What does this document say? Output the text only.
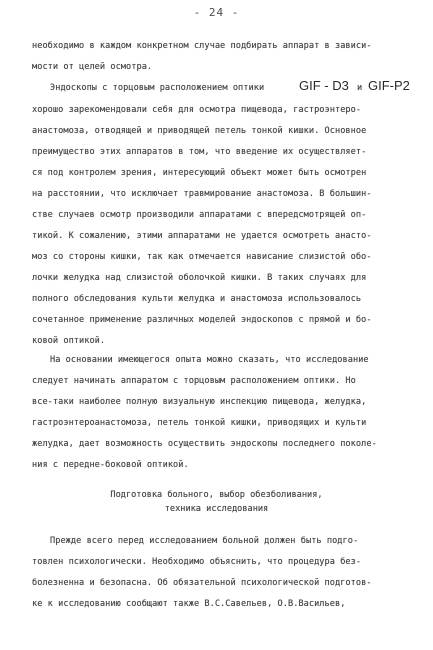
- 24 -
необходимо в каждом конкретном случае подбирать аппарат в зависи-
мости от целей осмотра.
Эндоскопы с торцовым расположением оптики	GIF - D3 и GIF-P2
хорошо зарекомендовали себя для осмотра пищевода, гастроэнтеро-
анастомоза, отводящей и приводящей петель тонкой кишки. Основное
преимущество этих аппаратов в том, что введение их осуществляет-
ся под контролем зрения, интересующий объект может быть осмотрен
на расстоянии, что исключает травмирование анастомоза. В большин-
стве случаев осмотр производили аппаратами с впередсмотрящей оп-
тикой. К сожалению, этими аппаратами не удается осмотреть анасто-
моз со стороны кишки, так как отмечается нависание слизистой обо-
лочки желудка над слизистой оболочкой кишки. В таких случаях для
полного обследования культи желудка и анастомоза использовалось
сочетанное применение различных моделей эндоскопов с прямой и бо-
ковой оптикой.
На основании имеющегося опыта можно сказать, что исследование
следует начинать аппаратом с торцовым расположением оптики. Но
все-таки наиболее полную визуальную инспекцию пищевода, желудка,
гастроэнтероанастомоза, петель тонкой кишки, приводящих и культи
желудка, дает возможность осуществить эндоскопы последнего поколе-
ния с передне-боковой оптикой.
Подготовка больного, выбор обезболивания,
техника исследования
Прежде всего перед исследованием больной должен быть подго-
товлен психологически. Необходимо объяснить, что процедура без-
болезненна и безопасна. Об обязательной психологической подготов-
ке к исследованию сообщают также В.С.Савельев, О.В.Васильев,
